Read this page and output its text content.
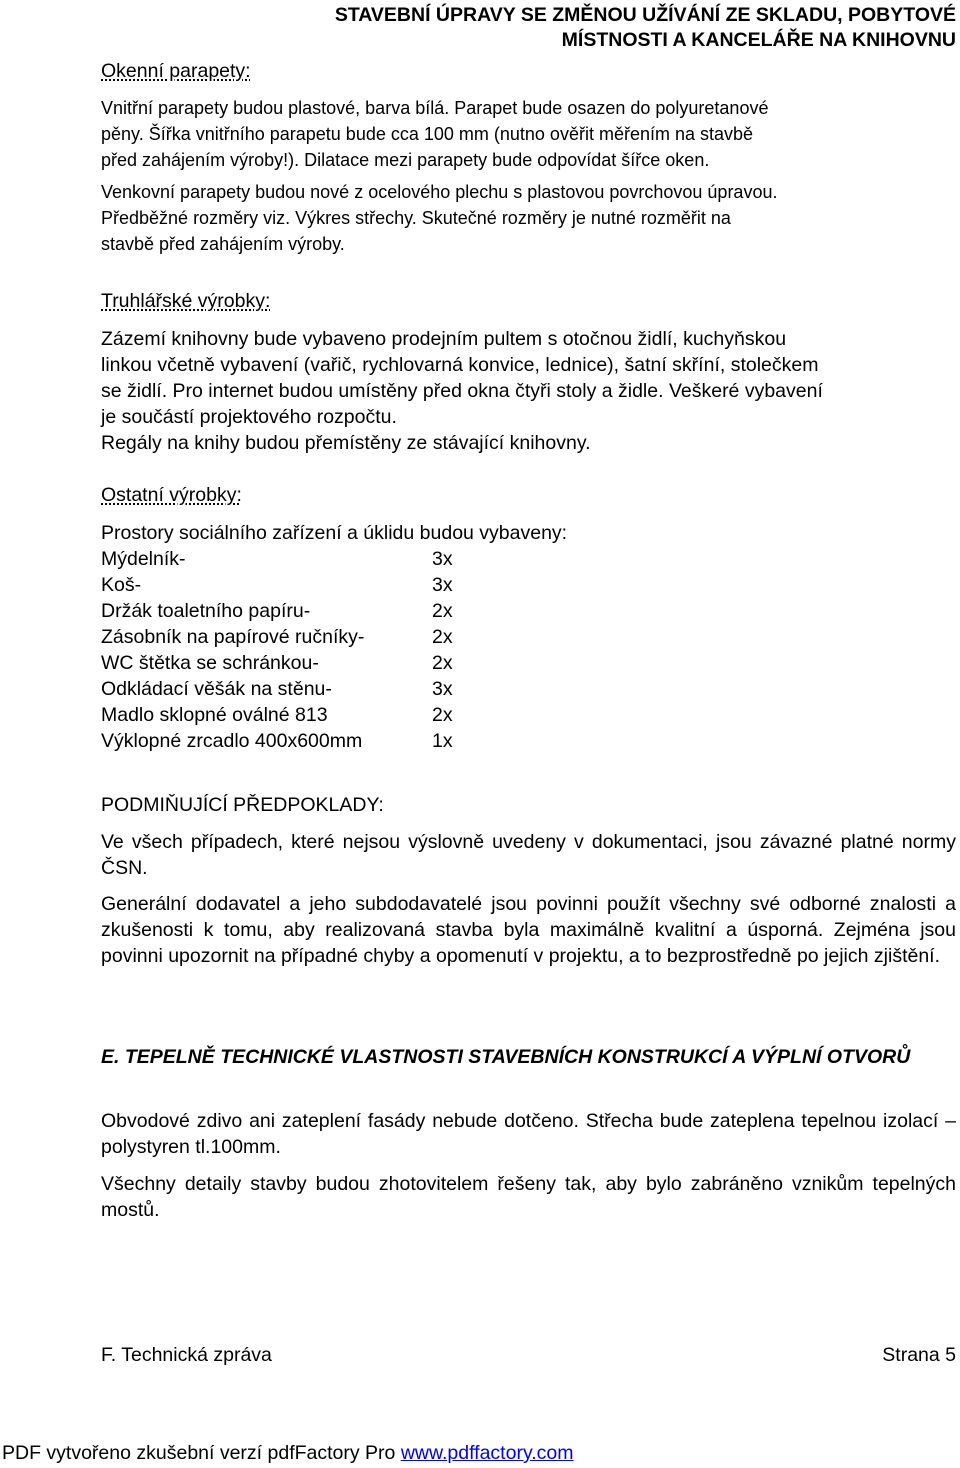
STAVEBNÍ ÚPRAVY SE ZMĚNOU UŽÍVÁNÍ ZE SKLADU, POBYTOVÉ
MÍSTNOSTI A KANCELÁŘE NA KNIHOVNU
Okenní parapety:
Vnitřní parapety budou plastové, barva bílá. Parapet bude osazen do polyuretanové
pěny. Šířka vnitřního parapetu bude cca 100 mm (nutno ověřit měřením na stavbě
před zahájením výroby!). Dilatace mezi parapety bude odpovídat šířce oken.
Venkovní parapety budou nové z ocelového plechu s plastovou povrchovou úpravou.
Předběžné rozměry viz. Výkres střechy. Skutečné rozměry je nutné rozměřit na
stavbě před zahájením výroby.
Truhlářské výrobky:
Zázemí knihovny bude vybaveno prodejním pultem s otočnou židlí, kuchyňskou
linkou včetně vybavení (vařič, rychlovarná konvice, lednice), šatní skříní, stolečkem
se židlí. Pro internet budou umístěny před okna čtyři stoly a židle. Veškeré vybavení
je součástí projektového rozpočtu.
Regály na knihy budou přemístěny ze stávající knihovny.
Ostatní výrobky:
Prostory sociálního zařízení a úklidu budou vybaveny:
Mýdelník-	3x
Koš-	3x
Držák toaletního papíru-	2x
Zásobník na papírové ručníky-	2x
WC štětka se schránkou-	2x
Odkládací věšák na stěnu-	3x
Madlo sklopné oválné 813	2x
Výklopné zrcadlo 400x600mm	1x
PODMIŇUJÍCÍ PŘEDPOKLADY:
Ve všech případech, které nejsou výslovně uvedeny v dokumentaci, jsou závazné platné normy ČSN.
Generální dodavatel a jeho subdodavatelé jsou povinni použít všechny své odborné znalosti a zkušenosti k tomu, aby realizovaná stavba byla maximálně kvalitní a úsporná. Zejména jsou povinni upozornit na případné chyby a opomenutí v projektu, a to bezprostředně po jejich zjištění.
E. TEPELNĚ TECHNICKÉ VLASTNOSTI STAVEBNÍCH KONSTRUKCÍ A VÝPLNÍ OTVORŮ
Obvodové zdivo ani zateplení fasády nebude dotčeno. Střecha bude zateplena tepelnou izolací – polystyren tl.100mm.
Všechny detaily stavby budou zhotovitelem řešeny tak, aby bylo zabráněno vznikům tepelných mostů.
F. Technická zpráva	Strana 5
PDF vytvořeno zkušební verzí pdfFactory Pro www.pdffactory.com
